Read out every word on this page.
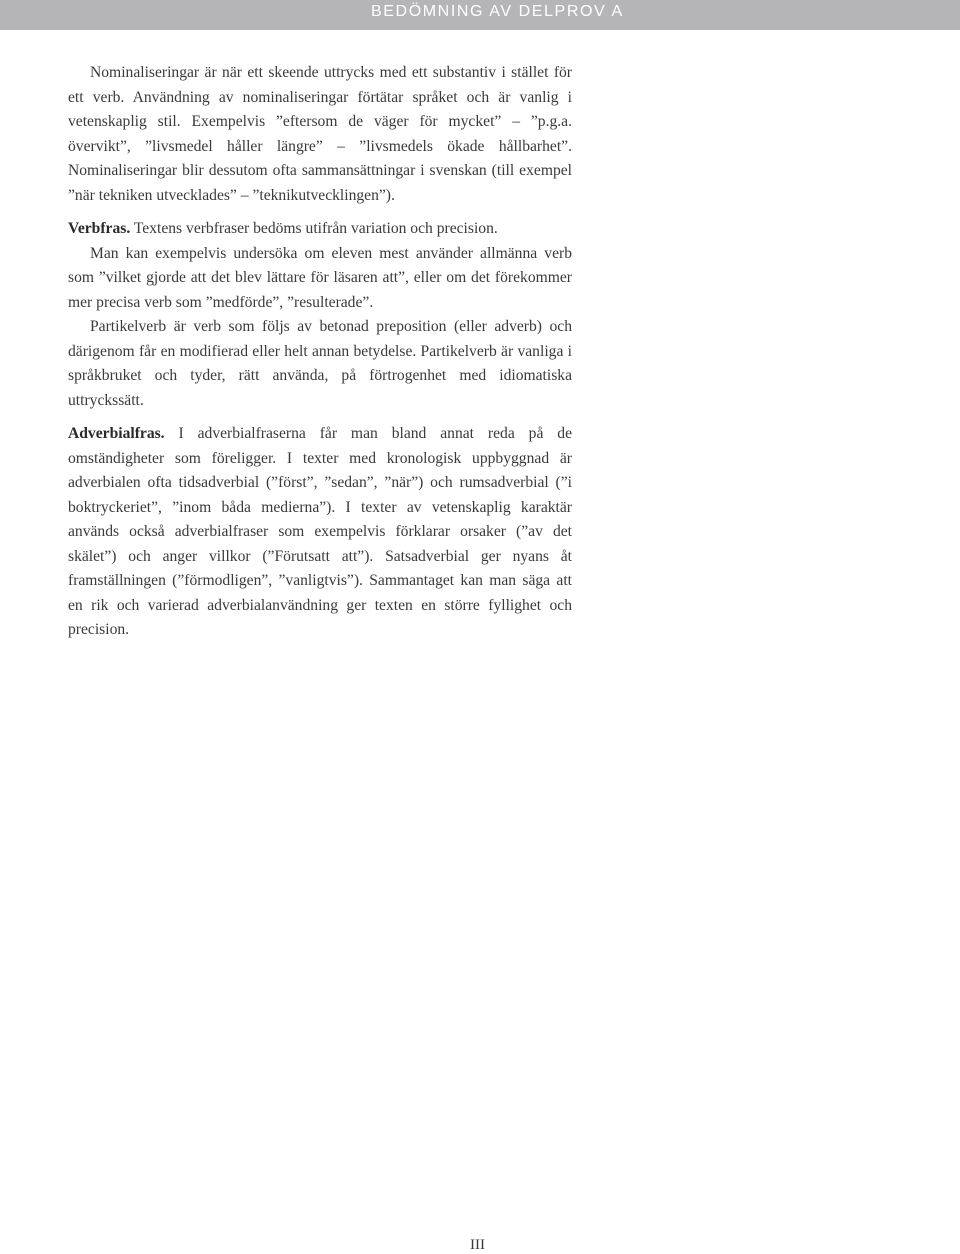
BEDÖMNING AV DELPROV A

Nominaliseringar är när ett skeende uttrycks med ett substantiv i stället för ett verb. Användning av nominaliseringar förtätar språket och är vanlig i vetenskaplig stil. Exempelvis ”eftersom de väger för mycket” – ”p.g.a. övervikt”, ”livsmedel håller längre” – ”livsmedels ökade hållbarhet”. Nominaliseringar blir dessutom ofta sammansättningar i svenskan (till exempel ”när tekniken utvecklades” – ”teknikutvecklingen”).

Verbfras. Textens verbfraser bedöms utifrån variation och precision.

Man kan exempelvis undersöka om eleven mest använder allmänna verb som ”vilket gjorde att det blev lättare för läsaren att”, eller om det förekommer mer precisa verb som ”medförde”, ”resulterade”.

Partikelverb är verb som följs av betonad preposition (eller adverb) och därigenom får en modifierad eller helt annan betydelse. Partikelverb är vanliga i språkbruket och tyder, rätt använda, på förtrogenhet med idiomatiska uttryckssätt.

Adverbialfras. I adverbialfraserna får man bland annat reda på de omständigheter som föreligger. I texter med kronologisk uppbyggnad är adverbialen ofta tidsadverbial (”först”, ”sedan”, ”när”) och rumsadverbial (”i boktryckeriet”, ”inom båda medierna”). I texter av vetenskaplig karaktär används också adverbialfraser som exempelvis förklarar orsaker (”av det skälet”) och anger villkor (”Förutsatt att”). Satsadverbial ger nyans åt framställningen (”förmodligen”, ”vanligtvis”). Sammantaget kan man säga att en rik och varierad adverbialanvändning ger texten en större fyllighet och precision.

III
